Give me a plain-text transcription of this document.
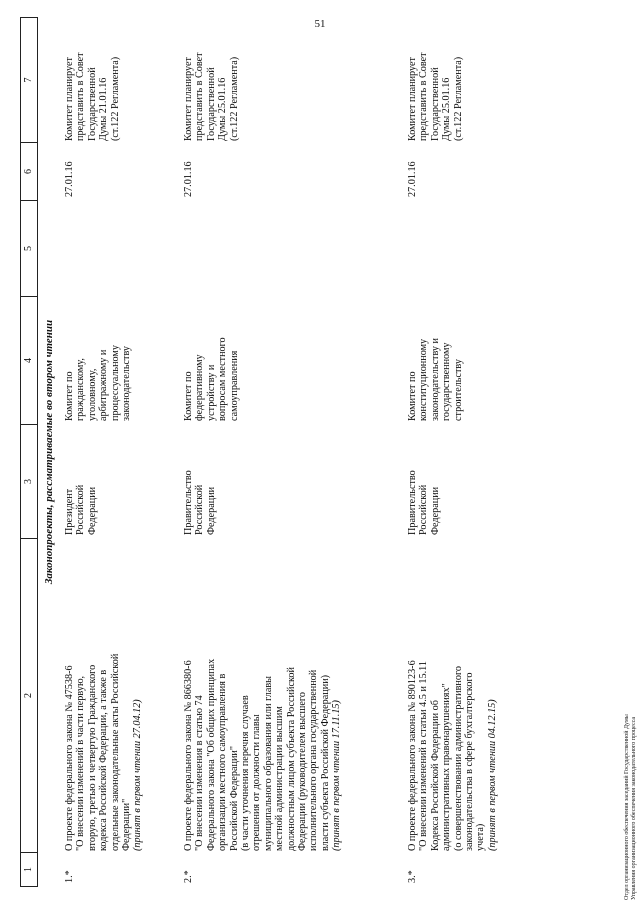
51
1
2
3
4
5
6
7
Законопроекты, рассматриваемые во втором чтении
1.*
О проекте федерального закона № 47538-6
"О внесении изменений в части первую,
вторую, третью и четвертую Гражданского
кодекса Российской Федерации, а также в
отдельные законодательные акты Российской
Федерации"
(принят в первом чтении 27.04.12)
Президент
Российской
Федерации
Комитет по
гражданскому,
уголовному,
арбитражному и
процессуальному
законодательству
27.01.16
Комитет планирует
представить в Совет
Государственной
Думы 21.01.16
(ст.122 Регламента)
2.*
О проекте федерального закона № 866380-6
"О внесении изменения в статью 74
Федерального закона "Об общих принципах
организации местного самоуправления в
Российской Федерации"
(в части уточнения перечня случаев
отрешения от должности главы
муниципального образования или главы
местной администрации высшим
должностным лицом субъекта Российской
Федерации (руководителем высшего
исполнительного органа государственной
власти субъекта Российской Федерации)
(принят в первом чтении 17.11.15)
Правительство
Российской
Федерации
Комитет по
федеративному
устройству и
вопросам местного
самоуправления
27.01.16
Комитет планирует
представить в Совет
Государственной
Думы 25.01.16
(ст.122 Регламента)
3.*
О проекте федерального закона № 890123-6
"О внесении изменений в статьи 4.5 и 15.11
Кодекса Российской Федерации об
административных правонарушениях"
(о совершенствовании административного
законодательства в сфере бухгалтерского
учета)
(принят в первом чтении 04.12.15)
Правительство
Российской
Федерации
Комитет по
конституционному
законодательству и
государственному
строительству
27.01.16
Комитет планирует
представить в Совет
Государственной
Думы 25.01.16
(ст.122 Регламента)
Отдел организационного обеспечения заседаний Государственной Думы
Управления организационного обеспечения законодательного процесса
